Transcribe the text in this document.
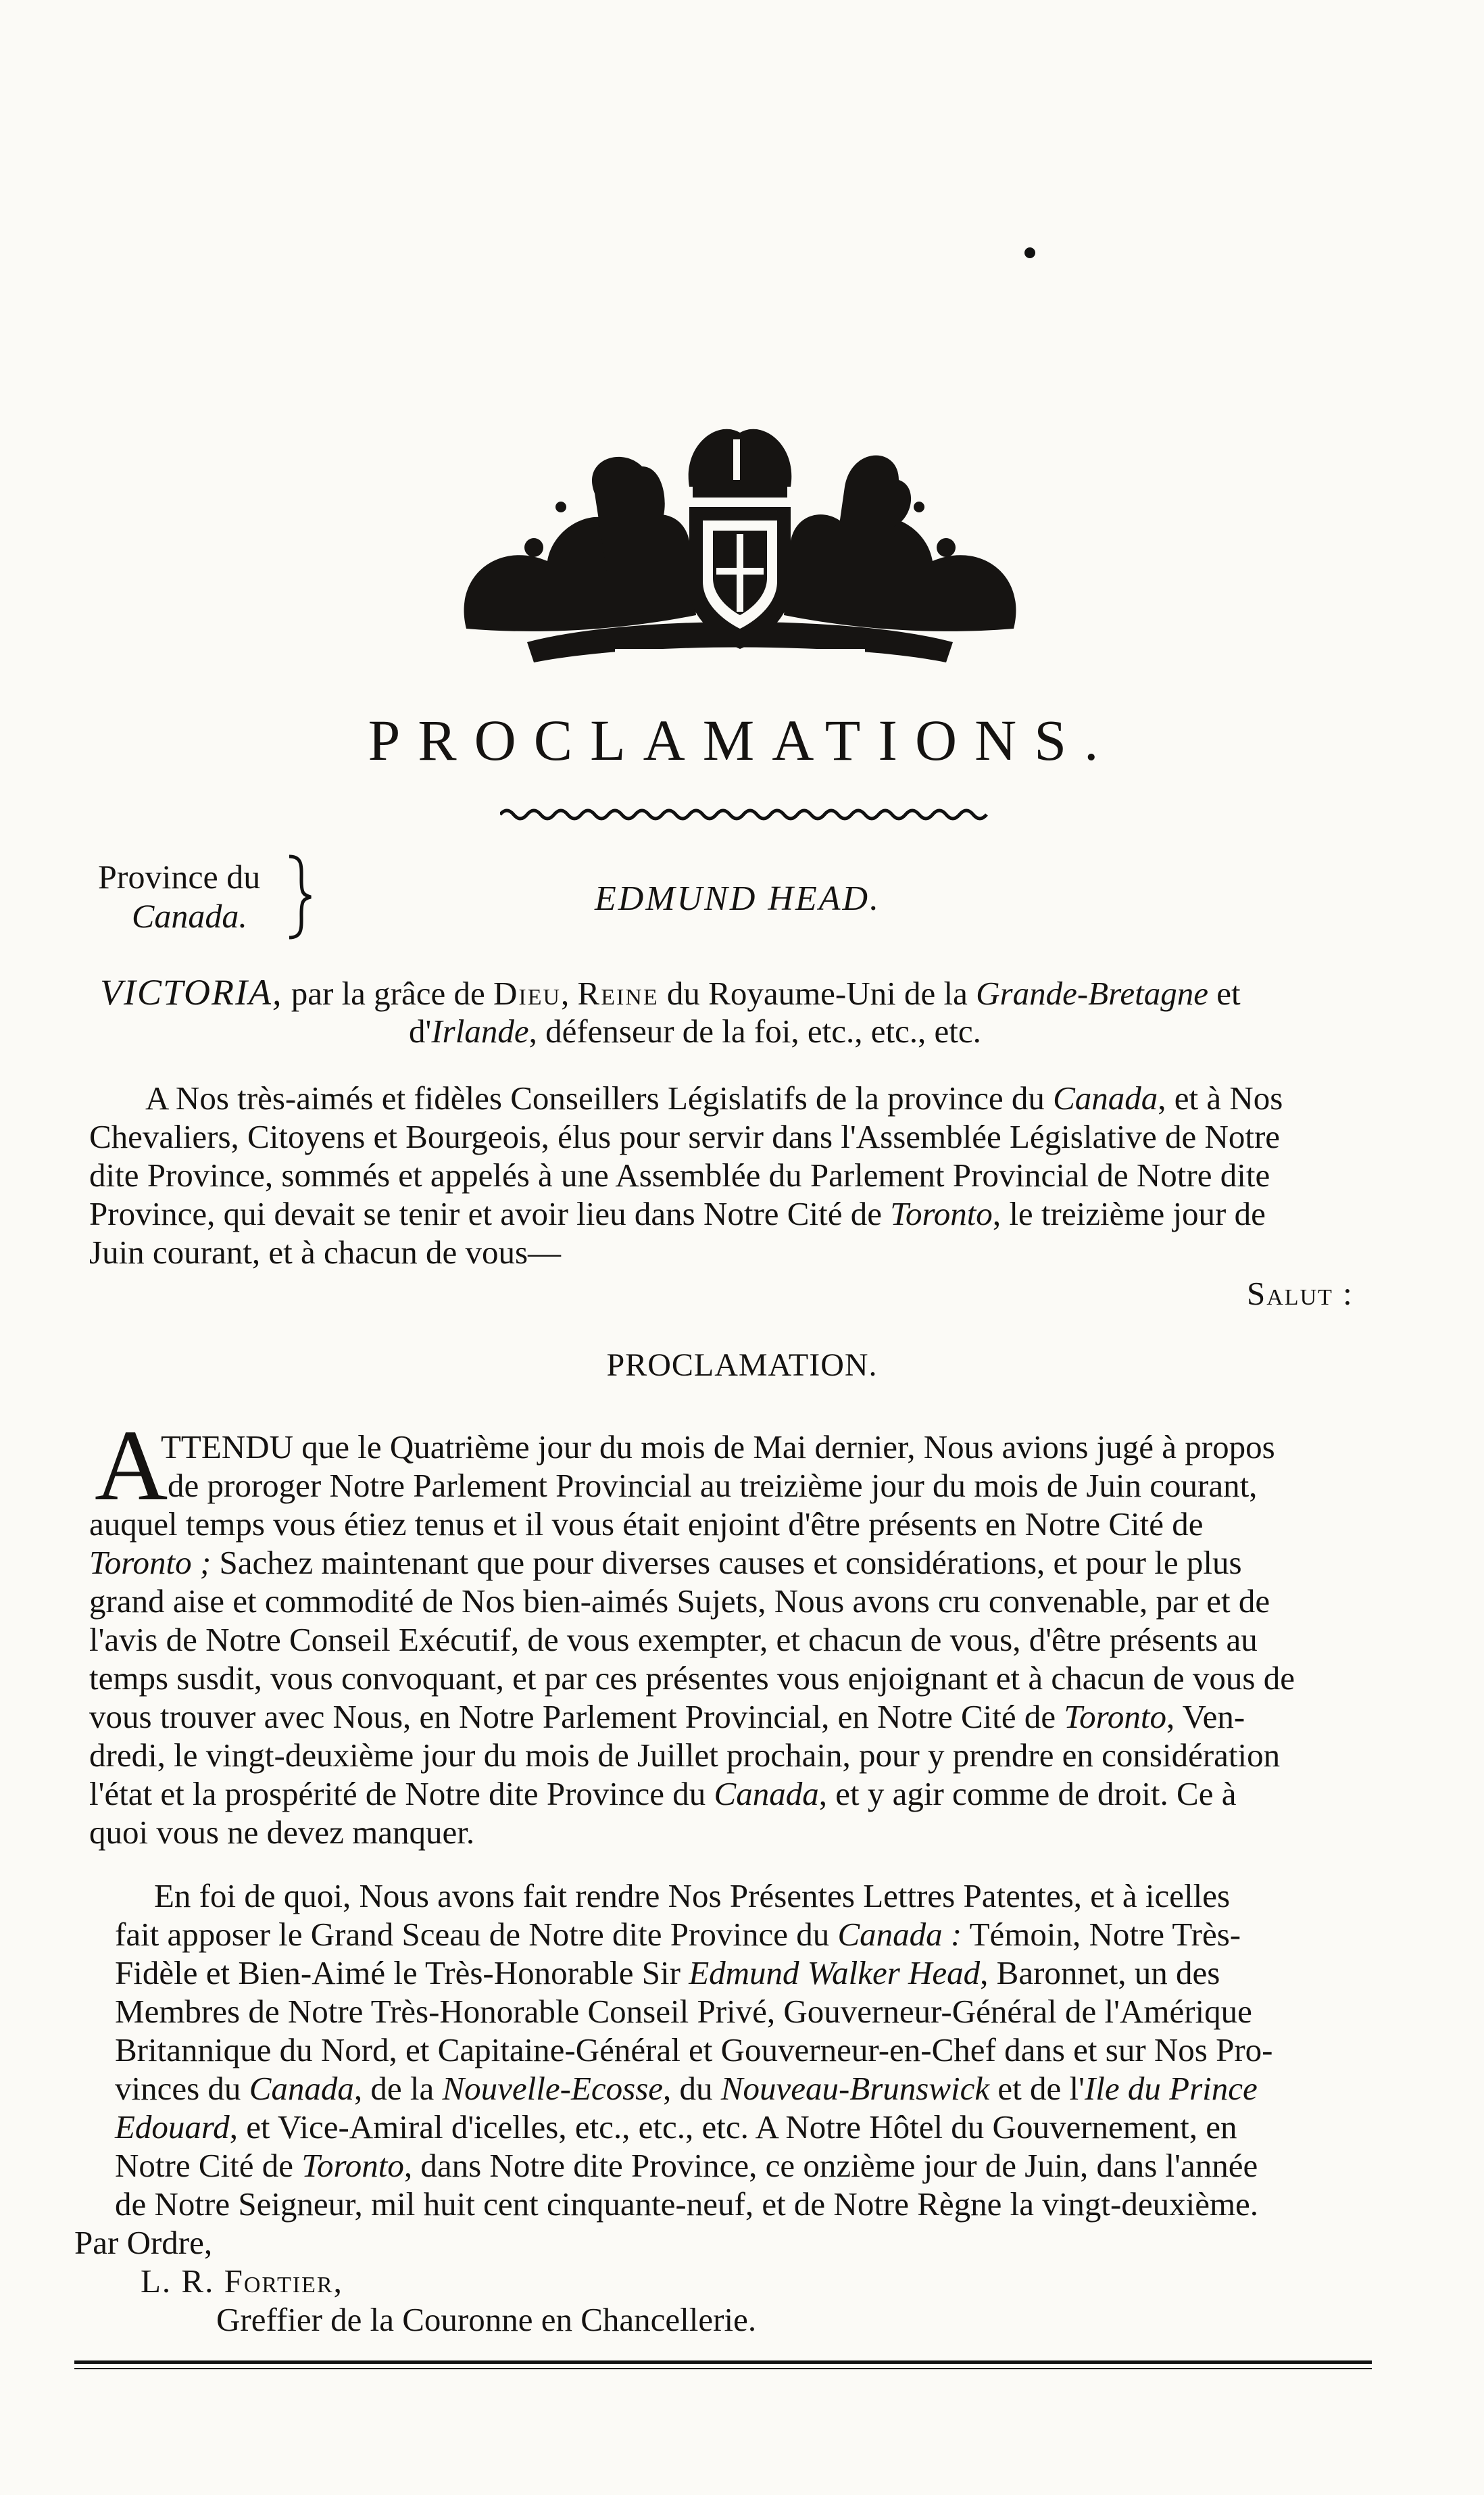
PROCLAMATIONS.
Province du
Canada.	EDMUND HEAD.
VICTORIA, par la grâce de Dieu, Reine du Royaume-Uni de la Grande-Bretagne et
d'Irlande, défenseur de la foi, etc., etc., etc.
A Nos très-aimés et fidèles Conseillers Législatifs de la province du Canada, et à Nos
Chevaliers, Citoyens et Bourgeois, élus pour servir dans l'Assemblée Législative de Notre
dite Province, sommés et appelés à une Assemblée du Parlement Provincial de Notre dite
Province, qui devait se tenir et avoir lieu dans Notre Cité de Toronto, le treizième jour de
Juin courant, et à chacun de vous—
Salut :
PROCLAMATION.
A
TTENDU que le Quatrième jour du mois de Mai dernier, Nous avions jugé à propos
de proroger Notre Parlement Provincial au treizième jour du mois de Juin courant,
auquel temps vous étiez tenus et il vous était enjoint d'être présents en Notre Cité de
Toronto ; Sachez maintenant que pour diverses causes et considérations, et pour le plus
grand aise et commodité de Nos bien-aimés Sujets, Nous avons cru convenable, par et de
l'avis de Notre Conseil Exécutif, de vous exempter, et chacun de vous, d'être présents au
temps susdit, vous convoquant, et par ces présentes vous enjoignant et à chacun de vous de
vous trouver avec Nous, en Notre Parlement Provincial, en Notre Cité de Toronto, Ven-
dredi, le vingt-deuxième jour du mois de Juillet prochain, pour y prendre en considération
l'état et la prospérité de Notre dite Province du Canada, et y agir comme de droit. Ce à
quoi vous ne devez manquer.
En foi de quoi, Nous avons fait rendre Nos Présentes Lettres Patentes, et à icelles
fait apposer le Grand Sceau de Notre dite Province du Canada : Témoin, Notre Très-
Fidèle et Bien-Aimé le Très-Honorable Sir Edmund Walker Head, Baronnet, un des
Membres de Notre Très-Honorable Conseil Privé, Gouverneur-Général de l'Amérique
Britannique du Nord, et Capitaine-Général et Gouverneur-en-Chef dans et sur Nos Pro-
vinces du Canada, de la Nouvelle-Ecosse, du Nouveau-Brunswick et de l'Ile du Prince
Edouard, et Vice-Amiral d'icelles, etc., etc., etc. A Notre Hôtel du Gouvernement, en
Notre Cité de Toronto, dans Notre dite Province, ce onzième jour de Juin, dans l'année
de Notre Seigneur, mil huit cent cinquante-neuf, et de Notre Règne la vingt-deuxième.
Par Ordre,
L. R. Fortier,
Greffier de la Couronne en Chancellerie.
